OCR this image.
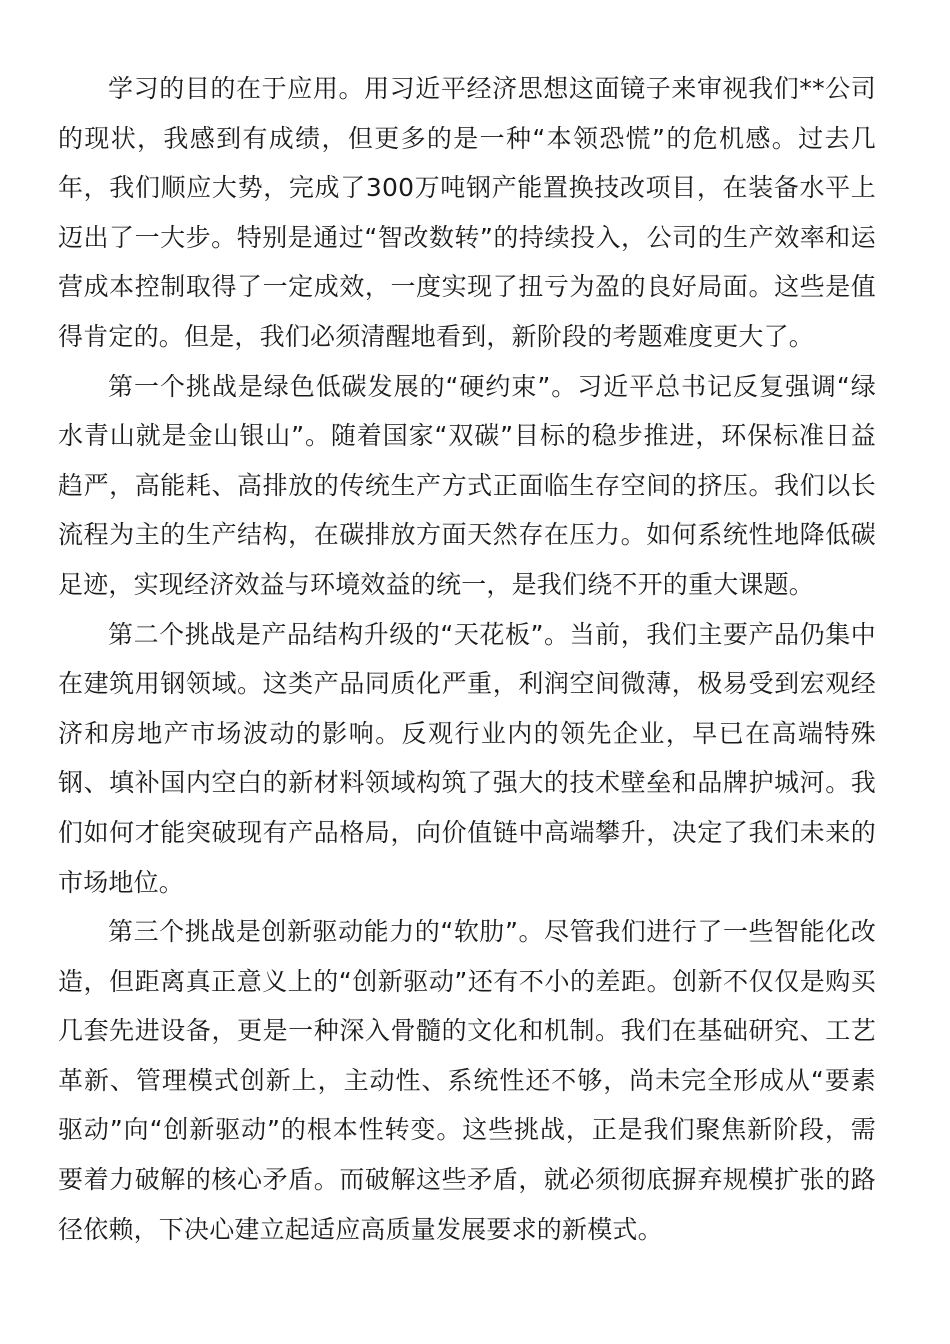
学习的目的在于应用。用习近平经济思想这面镜子来审视我们**公司的现状，我感到有成绩，但更多的是一种“本领恐慌”的危机感。过去几年，我们顺应大势，完成了300万吨钢产能置换技改项目，在装备水平上迈出了一大步。特别是通过“智改数转”的持续投入，公司的生产效率和运营成本控制取得了一定成效，一度实现了扭亏为盈的良好局面。这些是值得肯定的。但是，我们必须清醒地看到，新阶段的考题难度更大了。

第一个挑战是绿色低碳发展的“硬约束”。习近平总书记反复强调“绿水青山就是金山银山”。随着国家“双碳”目标的稳步推进，环保标准日益趋严，高能耗、高排放的传统生产方式正面临生存空间的挤压。我们以长流程为主的生产结构，在碳排放方面天然存在压力。如何系统性地降低碳足迹，实现经济效益与环境效益的统一，是我们绕不开的重大课题。

第二个挑战是产品结构升级的“天花板”。当前，我们主要产品仍集中在建筑用钢领域。这类产品同质化严重，利润空间微薄，极易受到宏观经济和房地产市场波动的影响。反观行业内的领先企业，早已在高端特殊钢、填补国内空白的新材料领域构筑了强大的技术壁垒和品牌护城河。我们如何才能突破现有产品格局，向价值链中高端攀升，决定了我们未来的市场地位。

第三个挑战是创新驱动能力的“软肋”。尽管我们进行了一些智能化改造，但距离真正意义上的“创新驱动”还有不小的差距。创新不仅仅是购买几套先进设备，更是一种深入骨髓的文化和机制。我们在基础研究、工艺革新、管理模式创新上，主动性、系统性还不够，尚未完全形成从“要素驱动”向“创新驱动”的根本性转变。这些挑战，正是我们聚焦新阶段，需要着力破解的核心矛盾。而破解这些矛盾，就必须彻底摒弃规模扩张的路径依赖，下决心建立起适应高质量发展要求的新模式。
